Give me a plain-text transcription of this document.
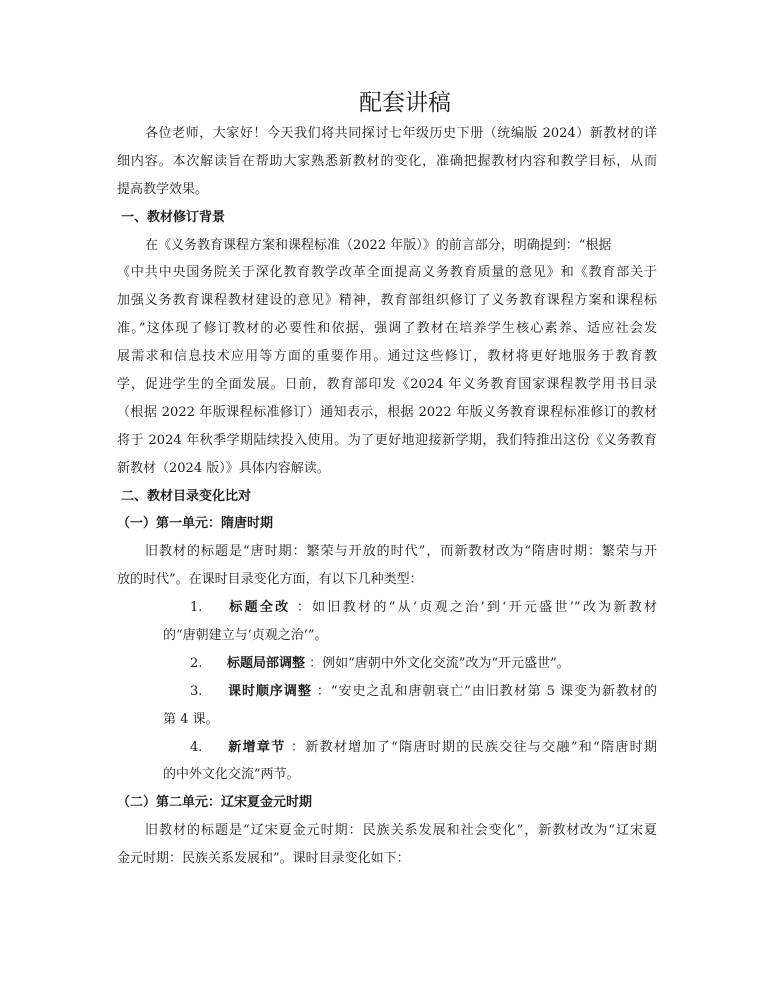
配套讲稿
各位老师，大家好！今天我们将共同探讨七年级历史下册（统编版 2024）新教材的详
细内容。本次解读旨在帮助大家熟悉新教材的变化，准确把握教材内容和教学目标，从而
提高教学效果。
一、教材修订背景
在《义务教育课程方案和课程标准（2022 年版）》的前言部分，明确提到：“根据
《中共中央国务院关于深化教育教学改革全面提高义务教育质量的意见》和《教育部关于
加强义务教育课程教材建设的意见》精神，教育部组织修订了义务教育课程方案和课程标
准。”这体现了修订教材的必要性和依据，强调了教材在培养学生核心素养、适应社会发
展需求和信息技术应用等方面的重要作用。通过这些修订，教材将更好地服务于教育教
学，促进学生的全面发展。日前，教育部印发《2024 年义务教育国家课程教学用书目录
（根据 2022 年版课程标准修订）通知表示，根据 2022 年版义务教育课程标准修订的教材
将于 2024 年秋季学期陆续投入使用。为了更好地迎接新学期，我们特推出这份《义务教育
新教材（2024 版）》具体内容解读。
二、教材目录变化比对
（一）第一单元：隋唐时期
旧教材的标题是“唐时期：繁荣与开放的时代”，而新教材改为“隋唐时期：繁荣与开
放的时代”。在课时目录变化方面，有以下几种类型：
1. 标题全改 ：如旧教材的“从‘贞观之治’到‘开元盛世’”改为新教材
的“唐朝建立与‘贞观之治’”。
2. 标题局部调整 ：例如“唐朝中外文化交流”改为“开元盛世”。
3. 课时顺序调整 ：“安史之乱和唐朝衰亡”由旧教材第 5 课变为新教材的
第 4 课。
4. 新增章节 ：新教材增加了“隋唐时期的民族交往与交融”和“隋唐时期
的中外文化交流”两节。
（二）第二单元：辽宋夏金元时期
旧教材的标题是“辽宋夏金元时期：民族关系发展和社会变化”，新教材改为“辽宋夏
金元时期：民族关系发展和”。课时目录变化如下：
